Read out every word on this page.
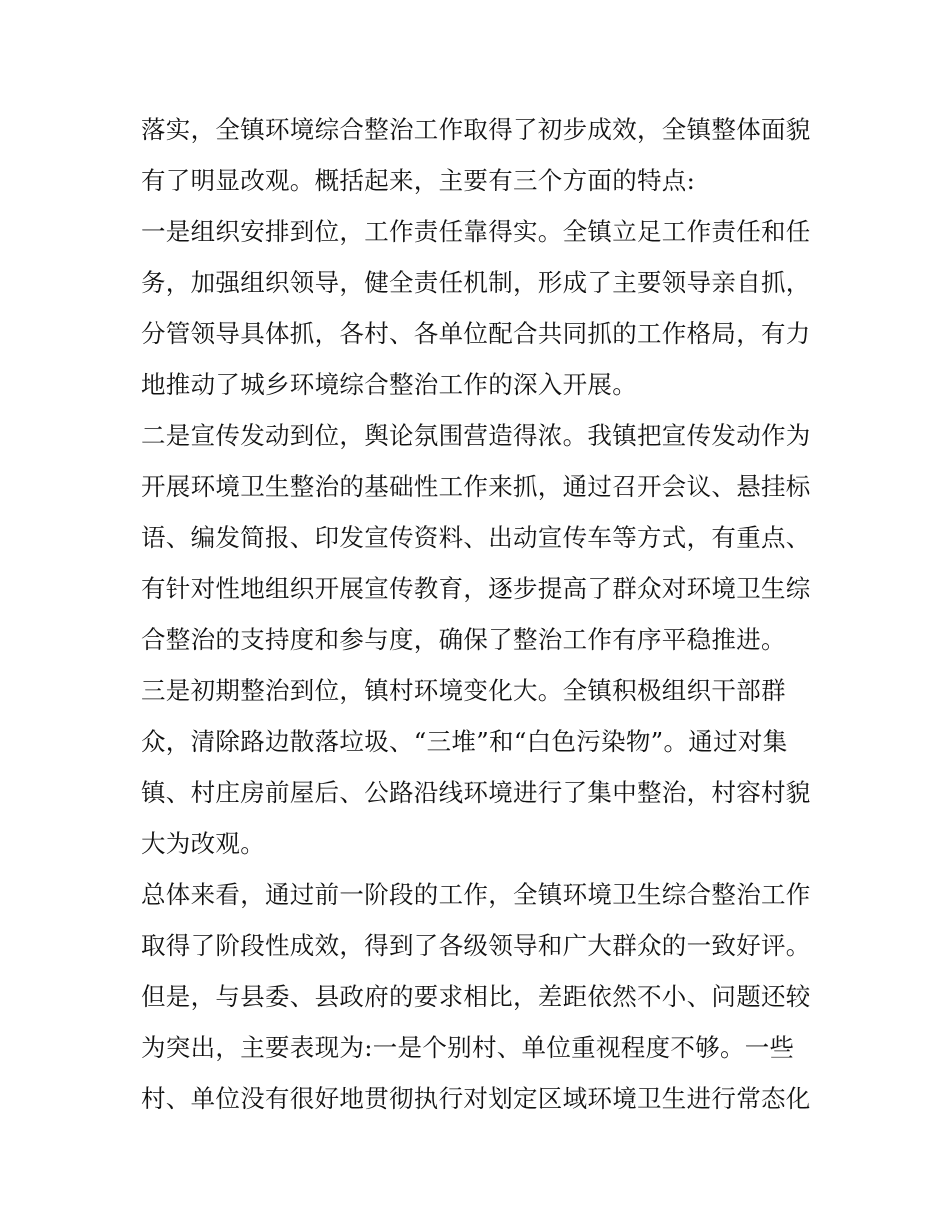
落实，全镇环境综合整治工作取得了初步成效，全镇整体面貌
有了明显改观。概括起来，主要有三个方面的特点:
一是组织安排到位，工作责任靠得实。全镇立足工作责任和任
务，加强组织领导，健全责任机制，形成了主要领导亲自抓，
分管领导具体抓，各村、各单位配合共同抓的工作格局，有力
地推动了城乡环境综合整治工作的深入开展。
二是宣传发动到位，舆论氛围营造得浓。我镇把宣传发动作为
开展环境卫生整治的基础性工作来抓，通过召开会议、悬挂标
语、编发简报、印发宣传资料、出动宣传车等方式，有重点、
有针对性地组织开展宣传教育，逐步提高了群众对环境卫生综
合整治的支持度和参与度，确保了整治工作有序平稳推进。
三是初期整治到位，镇村环境变化大。全镇积极组织干部群
众，清除路边散落垃圾、“三堆”和“白色污染物”。通过对集
镇、村庄房前屋后、公路沿线环境进行了集中整治，村容村貌
大为改观。
总体来看，通过前一阶段的工作，全镇环境卫生综合整治工作
取得了阶段性成效，得到了各级领导和广大群众的一致好评。
但是，与县委、县政府的要求相比，差距依然不小、问题还较
为突出，主要表现为:一是个别村、单位重视程度不够。一些
村、单位没有很好地贯彻执行对划定区域环境卫生进行常态化
